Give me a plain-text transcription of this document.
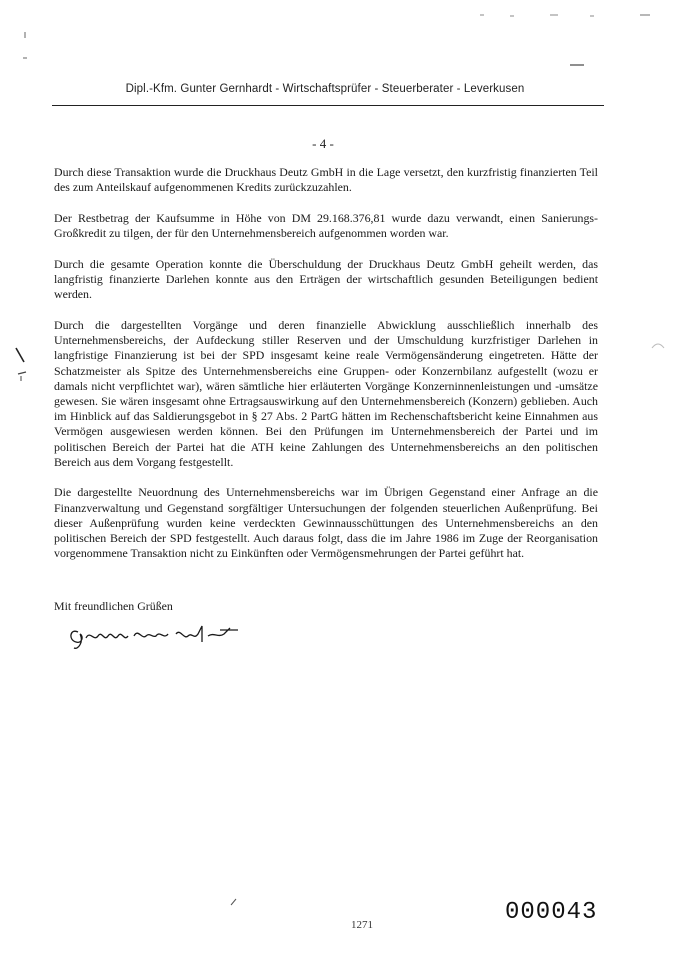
Dipl.-Kfm. Gunter Gernhardt - Wirtschaftsprüfer - Steuerberater - Leverkusen
- 4 -

Durch diese Transaktion wurde die Druckhaus Deutz GmbH in die Lage versetzt, den kurzfristig finanzierten Teil des zum Anteilskauf aufgenommenen Kredits zurückzuzahlen.

Der Restbetrag der Kaufsumme in Höhe von DM 29.168.376,81 wurde dazu verwandt, einen Sanierungs-Großkredit zu tilgen, der für den Unternehmensbereich aufgenommen worden war.

Durch die gesamte Operation konnte die Überschuldung der Druckhaus Deutz GmbH geheilt werden, das langfristig finanzierte Darlehen konnte aus den Erträgen der wirtschaftlich gesunden Beteiligungen bedient werden.

Durch die dargestellten Vorgänge und deren finanzielle Abwicklung ausschließlich innerhalb des Unternehmensbereichs, der Aufdeckung stiller Reserven und der Umschuldung kurzfristiger Darlehen in langfristige Finanzierung ist bei der SPD insgesamt keine reale Vermögensänderung eingetreten. Hätte der Schatzmeister als Spitze des Unternehmensbereichs eine Gruppen- oder Konzernbilanz aufgestellt (wozu er damals nicht verpflichtet war), wären sämtliche hier erläuterten Vorgänge Konzerninnenleistungen und -umsätze gewesen. Sie wären insgesamt ohne Ertragsauswirkung auf den Unternehmensbereich (Konzern) geblieben. Auch im Hinblick auf das Saldierungsgebot in § 27 Abs. 2 PartG hätten im Rechenschaftsbericht keine Einnahmen aus Vermögen ausgewiesen werden können. Bei den Prüfungen im Unternehmensbereich der Partei und im politischen Bereich der Partei hat die ATH keine Zahlungen des Unternehmensbereichs an den politischen Bereich aus dem Vorgang festgestellt.

Die dargestellte Neuordnung des Unternehmensbereichs war im Übrigen Gegenstand einer Anfrage an die Finanzverwaltung und Gegenstand sorgfältiger Untersuchungen der folgenden steuerlichen Außenprüfung. Bei dieser Außenprüfung wurden keine verdeckten Gewinnausschüttungen des Unternehmensbereichs an den politischen Bereich der SPD festgestellt. Auch daraus folgt, dass die im Jahre 1986 im Zuge der Reorganisation vorgenommene Transaktion nicht zu Einkünften oder Vermögensmehrungen der Partei geführt hat.

Mit freundlichen Grüßen
1271	000043
